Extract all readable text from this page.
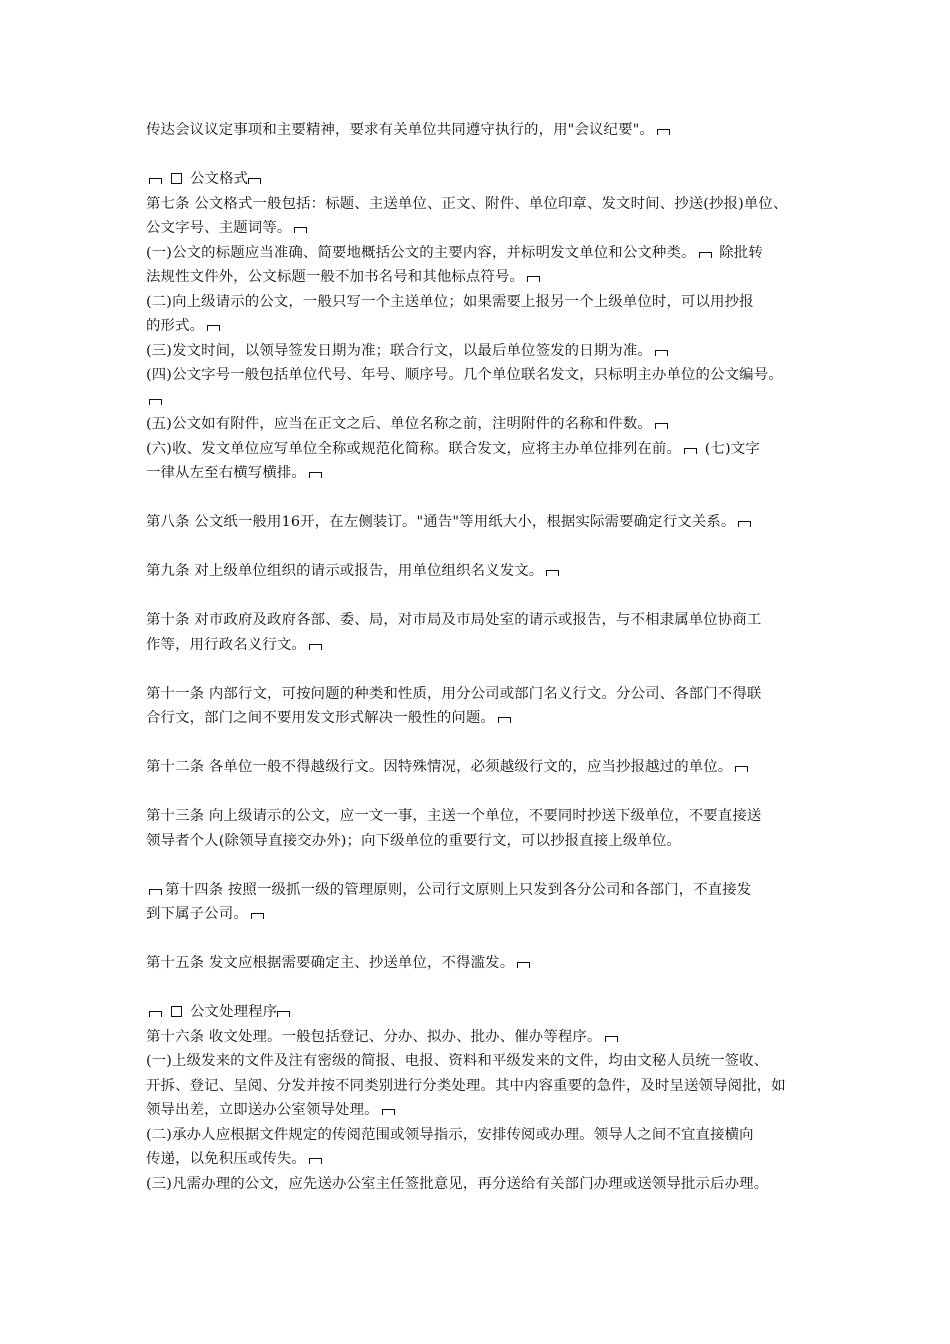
传达会议议定事项和主要精神，要求有关单位共同遵守执行的，用"会议纪要"。
公文格式
第七条 公文格式一般包括：标题、主送单位、正文、附件、单位印章、发文时间、抄送(抄报)单位、
公文字号、主题词等。
(一)公文的标题应当准确、简要地概括公文的主要内容，并标明发文单位和公文种类。 除批转
法规性文件外，公文标题一般不加书名号和其他标点符号。
(二)向上级请示的公文，一般只写一个主送单位；如果需要上报另一个上级单位时，可以用抄报
的形式。
(三)发文时间，以领导签发日期为准；联合行文，以最后单位签发的日期为准。
(四)公文字号一般包括单位代号、年号、顺序号。几个单位联名发文，只标明主办单位的公文编号。
(五)公文如有附件，应当在正文之后、单位名称之前，注明附件的名称和件数。
(六)收、发文单位应写单位全称或规范化简称。联合发文，应将主办单位排列在前。 (七)文字
一律从左至右横写横排。
第八条 公文纸一般用16开，在左侧装订。"通告"等用纸大小，根据实际需要确定行文关系。
第九条 对上级单位组织的请示或报告，用单位组织名义发文。
第十条 对市政府及政府各部、委、局，对市局及市局处室的请示或报告，与不相隶属单位协商工
作等，用行政名义行文。
第十一条 内部行文，可按问题的种类和性质，用分公司或部门名义行文。分公司、各部门不得联
合行文，部门之间不要用发文形式解决一般性的问题。
第十二条 各单位一般不得越级行文。因特殊情况，必须越级行文的，应当抄报越过的单位。
第十三条 向上级请示的公文，应一文一事，主送一个单位，不要同时抄送下级单位，不要直接送
领导者个人(除领导直接交办外)；向下级单位的重要行文，可以抄报直接上级单位。
第十四条 按照一级抓一级的管理原则，公司行文原则上只发到各分公司和各部门，不直接发
到下属子公司。
第十五条 发文应根据需要确定主、抄送单位，不得滥发。
公文处理程序
第十六条 收文处理。一般包括登记、分办、拟办、批办、催办等程序。
(一)上级发来的文件及注有密级的简报、电报、资料和平级发来的文件，均由文秘人员统一签收、
开拆、登记、呈阅、分发并按不同类别进行分类处理。其中内容重要的急件，及时呈送领导阅批，如
领导出差，立即送办公室领导处理。
(二)承办人应根据文件规定的传阅范围或领导指示，安排传阅或办理。领导人之间不宜直接横向
传递，以免积压或传失。
(三)凡需办理的公文，应先送办公室主任签批意见，再分送给有关部门办理或送领导批示后办理。
